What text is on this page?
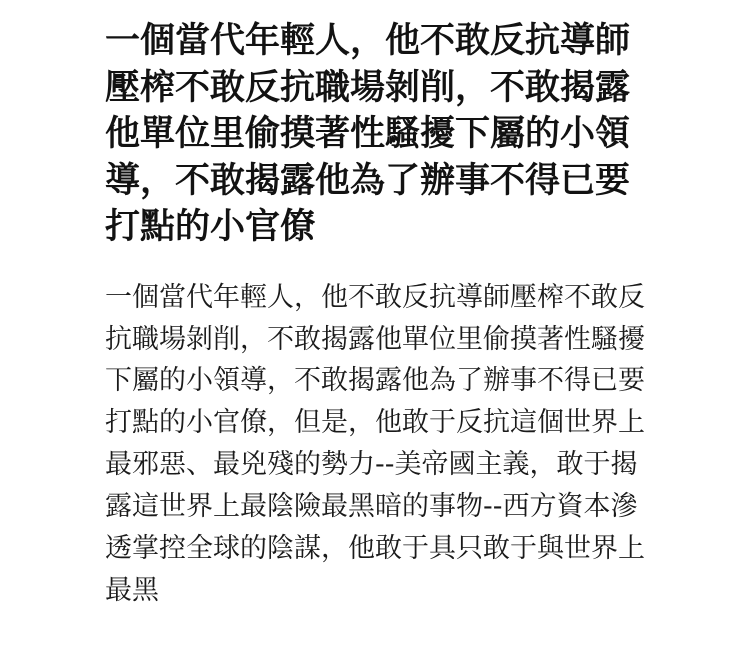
一個當代年輕人，他不敢反抗導師壓榨不敢反抗職場剝削，不敢揭露他單位里偷摸著性騷擾下屬的小領導，不敢揭露他為了辦事不得已要打點的小官僚

一個當代年輕人，他不敢反抗導師壓榨不敢反抗職場剝削，不敢揭露他單位里偷摸著性騷擾下屬的小領導，不敢揭露他為了辦事不得已要打點的小官僚，但是，他敢于反抗這個世界上最邪惡、最兇殘的勢力--美帝國主義，敢于揭露這世界上最陰險最黑暗的事物--西方資本滲透掌控全球的陰謀，他敢于具只敢于與世界上最黑
